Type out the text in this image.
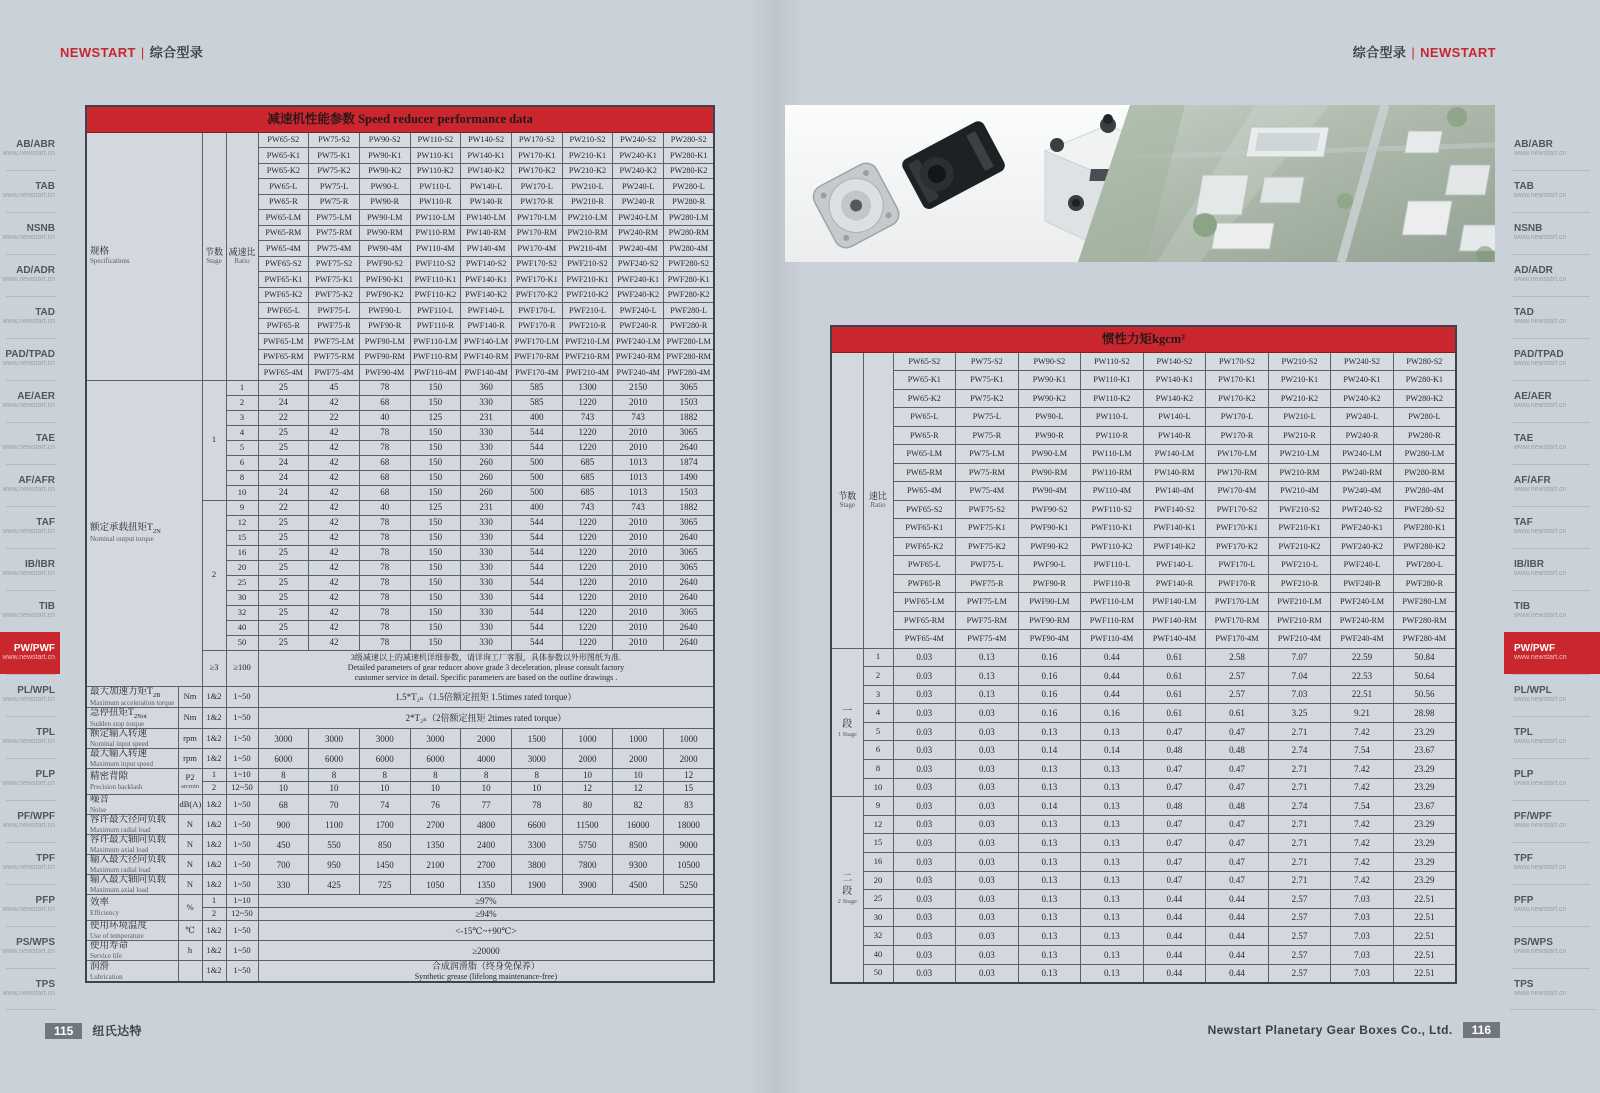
NEWSTART | 综合型录	综合型录 | NEWSTART
AB/ABR
www.newstart.cn
TAB
www.newstart.cn
NSNB
www.newstart.cn
AD/ADR
www.newstart.cn
TAD
www.newstart.cn
PAD/TPAD
www.newstart.cn
AE/AER
www.newstart.cn
TAE
www.newstart.cn
AF/AFR
www.newstart.cn
TAF
www.newstart.cn
IB/IBR
www.newstart.cn
TIB
www.newstart.cn
PW/PWF
www.newstart.cn
PL/WPL
www.newstart.cn
TPL
www.newstart.cn
PLP
www.newstart.cn
PF/WPF
www.newstart.cn
TPF
www.newstart.cn
PFP
www.newstart.cn
PS/WPS
www.newstart.cn
TPS
www.newstart.cn
AB/ABR
www.newstart.cn
TAB
www.newstart.cn
NSNB
www.newstart.cn
AD/ADR
www.newstart.cn
TAD
www.newstart.cn
PAD/TPAD
www.newstart.cn
AE/AER
www.newstart.cn
TAE
www.newstart.cn
AF/AFR
www.newstart.cn
TAF
www.newstart.cn
IB/IBR
www.newstart.cn
TIB
www.newstart.cn
PW/PWF
www.newstart.cn
PL/WPL
www.newstart.cn
TPL
www.newstart.cn
PLP
www.newstart.cn
PF/WPF
www.newstart.cn
TPF
www.newstart.cn
PFP
www.newstart.cn
PS/WPS
www.newstart.cn
TPS
www.newstart.cn
减速机性能参数 Speed reducer performance data												

规格
Specifications

节数
Stage

减速比
Ratio
	PW65-S2	PW75-S2	PW90-S2	PW110-S2	PW140-S2	PW170-S2	PW210-S2	PW240-S2	PW280-S2
				PW65-K1	PW75-K1	PW90-K1	PW110-K1	PW140-K1	PW170-K1	PW210-K1	PW240-K1	PW280-K1
				PW65-K2	PW75-K2	PW90-K2	PW110-K2	PW140-K2	PW170-K2	PW210-K2	PW240-K2	PW280-K2
				PW65-L	PW75-L	PW90-L	PW110-L	PW140-L	PW170-L	PW210-L	PW240-L	PW280-L
				PW65-R	PW75-R	PW90-R	PW110-R	PW140-R	PW170-R	PW210-R	PW240-R	PW280-R
				PW65-LM	PW75-LM	PW90-LM	PW110-LM	PW140-LM	PW170-LM	PW210-LM	PW240-LM	PW280-LM
				PW65-RM	PW75-RM	PW90-RM	PW110-RM	PW140-RM	PW170-RM	PW210-RM	PW240-RM	PW280-RM
				PW65-4M	PW75-4M	PW90-4M	PW110-4M	PW140-4M	PW170-4M	PW210-4M	PW240-4M	PW280-4M
				PWF65-S2	PWF75-S2	PWF90-S2	PWF110-S2	PWF140-S2	PWF170-S2	PWF210-S2	PWF240-S2	PWF280-S2
				PWF65-K1	PWF75-K1	PWF90-K1	PWF110-K1	PWF140-K1	PWF170-K1	PWF210-K1	PWF240-K1	PWF280-K1
				PWF65-K2	PWF75-K2	PWF90-K2	PWF110-K2	PWF140-K2	PWF170-K2	PWF210-K2	PWF240-K2	PWF280-K2
				PWF65-L	PWF75-L	PWF90-L	PWF110-L	PWF140-L	PWF170-L	PWF210-L	PWF240-L	PWF280-L
				PWF65-R	PWF75-R	PWF90-R	PWF110-R	PWF140-R	PWF170-R	PWF210-R	PWF240-R	PWF280-R
				PWF65-LM	PWF75-LM	PWF90-LM	PWF110-LM	PWF140-LM	PWF170-LM	PWF210-LM	PWF240-LM	PWF280-LM
				PWF65-RM	PWF75-RM	PWF90-RM	PWF110-RM	PWF140-RM	PWF170-RM	PWF210-RM	PWF240-RM	PWF280-RM
				PWF65-4M	PWF75-4M	PWF90-4M	PWF110-4M	PWF140-4M	PWF170-4M	PWF210-4M	PWF240-4M	PWF280-4M

额定承载扭矩$T_{2N}$
Nominal output torque		1	1	25	45	78	150	360	585	1300	2150	3065
			2	24	42	68	150	330	585	1220	2010	1503
			3	22	22	40	125	231	400	743	743	1882
			4	25	42	78	150	330	544	1220	2010	3065
			5	25	42	78	150	330	544	1220	2010	2640
			6	24	42	68	150	260	500	685	1013	1874
			8	24	42	68	150	260	500	685	1013	1490
			10	24	42	68	150	260	500	685	1013	1503
		2	9	22	42	40	125	231	400	743	743	1882
			12	25	42	78	150	330	544	1220	2010	3065
			15	25	42	78	150	330	544	1220	2010	2640
			16	25	42	78	150	330	544	1220	2010	3065
			20	25	42	78	150	330	544	1220	2010	3065
			25	25	42	78	150	330	544	1220	2010	2640
			30	25	42	78	150	330	544	1220	2010	2640
			32	25	42	78	150	330	544	1220	2010	3065
			40	25	42	78	150	330	544	1220	2010	2640
			50	25	42	78	150	330	544	1220	2010	2640
		≥3	≥100	3级减速以上的减速机详细参数，请详询工厂客服，具体参数以外形图纸为准.
Detailed parameters of gear reducer above grade 3 deceleration, please consult factory
customer service in detail. Specific parameters are based on the outline drawings .								

最大加速力矩$T_{2B}$
Maximum acceleration torque	Nm	1&2	1~50	1.5*T₂ₙ（1.5倍额定扭矩 1.5times rated torque）								

急停扭矩$T_{2Not}$
Sudden stop torque	Nm	1&2	1~50	2*T₂ₙ（2倍额定扭矩 2times rated torque）								

额定输入转速
Nominal input speed	rpm	1&2	1~50	3000	3000	3000	3000	2000	1500	1000	1000	1000

最大输入转速
Maximum input speed	rpm	1&2	1~50	6000	6000	6000	6000	4000	3000	2000	2000	2000

精密背隙
Precision backlash
	P2
arcmin
	1	1~10	8	8	8	8	8	8	10	10	12
		2	12~50	10	10	10	10	10	10	12	12	15

噪音
Noise	dB(A)	1&2	1~50	68	70	74	76	77	78	80	82	83

容许最大径向负载
Maximum radial load	N	1&2	1~50	900	1100	1700	2700	4800	6600	11500	16000	18000

容许最大轴向负载
Maximum axial load	N	1&2	1~50	450	550	850	1350	2400	3300	5750	8500	9000

输入最大径向负载
Maximum radial load	N	1&2	1~50	700	950	1450	2100	2700	3800	7800	9300	10500

输入最大轴向负载
Maximum axial load	N	1&2	1~50	330	425	725	1050	1350	1900	3900	4500	5250

效率
Efficiency	%	1	1~10	≥97%								
		2	12~50	≥94%								

使用环境温度
Use of temperature	℃	1&2	1~50	<-15℃~+90℃>								

使用寿命
Service life	h	1&2	1~50	≥20000								

润滑
Lubrication
		1&2	1~50	合成润滑脂（终身免保养）
Synthetic grease (lifelong maintenance-free)
惯性力矩kgcm²										

节数
Stage

速比
Ratio
	PW65-S2	PW75-S2	PW90-S2	PW110-S2	PW140-S2	PW170-S2	PW210-S2	PW240-S2	PW280-S2
		PW65-K1	PW75-K1	PW90-K1	PW110-K1	PW140-K1	PW170-K1	PW210-K1	PW240-K1	PW280-K1
		PW65-K2	PW75-K2	PW90-K2	PW110-K2	PW140-K2	PW170-K2	PW210-K2	PW240-K2	PW280-K2
		PW65-L	PW75-L	PW90-L	PW110-L	PW140-L	PW170-L	PW210-L	PW240-L	PW280-L
		PW65-R	PW75-R	PW90-R	PW110-R	PW140-R	PW170-R	PW210-R	PW240-R	PW280-R
		PW65-LM	PW75-LM	PW90-LM	PW110-LM	PW140-LM	PW170-LM	PW210-LM	PW240-LM	PW280-LM
		PW65-RM	PW75-RM	PW90-RM	PW110-RM	PW140-RM	PW170-RM	PW210-RM	PW240-RM	PW280-RM
		PW65-4M	PW75-4M	PW90-4M	PW110-4M	PW140-4M	PW170-4M	PW210-4M	PW240-4M	PW280-4M
		PWF65-S2	PWF75-S2	PWF90-S2	PWF110-S2	PWF140-S2	PWF170-S2	PWF210-S2	PWF240-S2	PWF280-S2
		PWF65-K1	PWF75-K1	PWF90-K1	PWF110-K1	PWF140-K1	PWF170-K1	PWF210-K1	PWF240-K1	PWF280-K1
		PWF65-K2	PWF75-K2	PWF90-K2	PWF110-K2	PWF140-K2	PWF170-K2	PWF210-K2	PWF240-K2	PWF280-K2
		PWF65-L	PWF75-L	PWF90-L	PWF110-L	PWF140-L	PWF170-L	PWF210-L	PWF240-L	PWF280-L
		PWF65-R	PWF75-R	PWF90-R	PWF110-R	PWF140-R	PWF170-R	PWF210-R	PWF240-R	PWF280-R
		PWF65-LM	PWF75-LM	PWF90-LM	PWF110-LM	PWF140-LM	PWF170-LM	PWF210-LM	PWF240-LM	PWF280-LM
		PWF65-RM	PWF75-RM	PWF90-RM	PWF110-RM	PWF140-RM	PWF170-RM	PWF210-RM	PWF240-RM	PWF280-RM
		PWF65-4M	PWF75-4M	PWF90-4M	PWF110-4M	PWF140-4M	PWF170-4M	PWF210-4M	PWF240-4M	PWF280-4M

一
段
1 Stage	1	0.03	0.13	0.16	0.44	0.61	2.58	7.07	22.59	50.84
	2	0.03	0.13	0.16	0.44	0.61	2.57	7.04	22.53	50.64
	3	0.03	0.13	0.16	0.44	0.61	2.57	7.03	22.51	50.56
	4	0.03	0.03	0.16	0.16	0.61	0.61	3.25	9.21	28.98
	5	0.03	0.03	0.13	0.13	0.47	0.47	2.71	7.42	23.29
	6	0.03	0.03	0.14	0.14	0.48	0.48	2.74	7.54	23.67
	8	0.03	0.03	0.13	0.13	0.47	0.47	2.71	7.42	23.29
	10	0.03	0.03	0.13	0.13	0.47	0.47	2.71	7.42	23.29

二
段
2 Stage	9	0.03	0.03	0.14	0.13	0.48	0.48	2.74	7.54	23.67
	12	0.03	0.03	0.13	0.13	0.47	0.47	2.71	7.42	23.29
	15	0.03	0.03	0.13	0.13	0.47	0.47	2.71	7.42	23.29
	16	0.03	0.03	0.13	0.13	0.47	0.47	2.71	7.42	23.29
	20	0.03	0.03	0.13	0.13	0.47	0.47	2.71	7.42	23.29
	25	0.03	0.03	0.13	0.13	0.44	0.44	2.57	7.03	22.51
	30	0.03	0.03	0.13	0.13	0.44	0.44	2.57	7.03	22.51
	32	0.03	0.03	0.13	0.13	0.44	0.44	2.57	7.03	22.51
	40	0.03	0.03	0.13	0.13	0.44	0.44	2.57	7.03	22.51
	50	0.03	0.03	0.13	0.13	0.44	0.44	2.57	7.03	22.51
115	纽氏达特	Newstart Planetary Gear Boxes Co., Ltd.	116
